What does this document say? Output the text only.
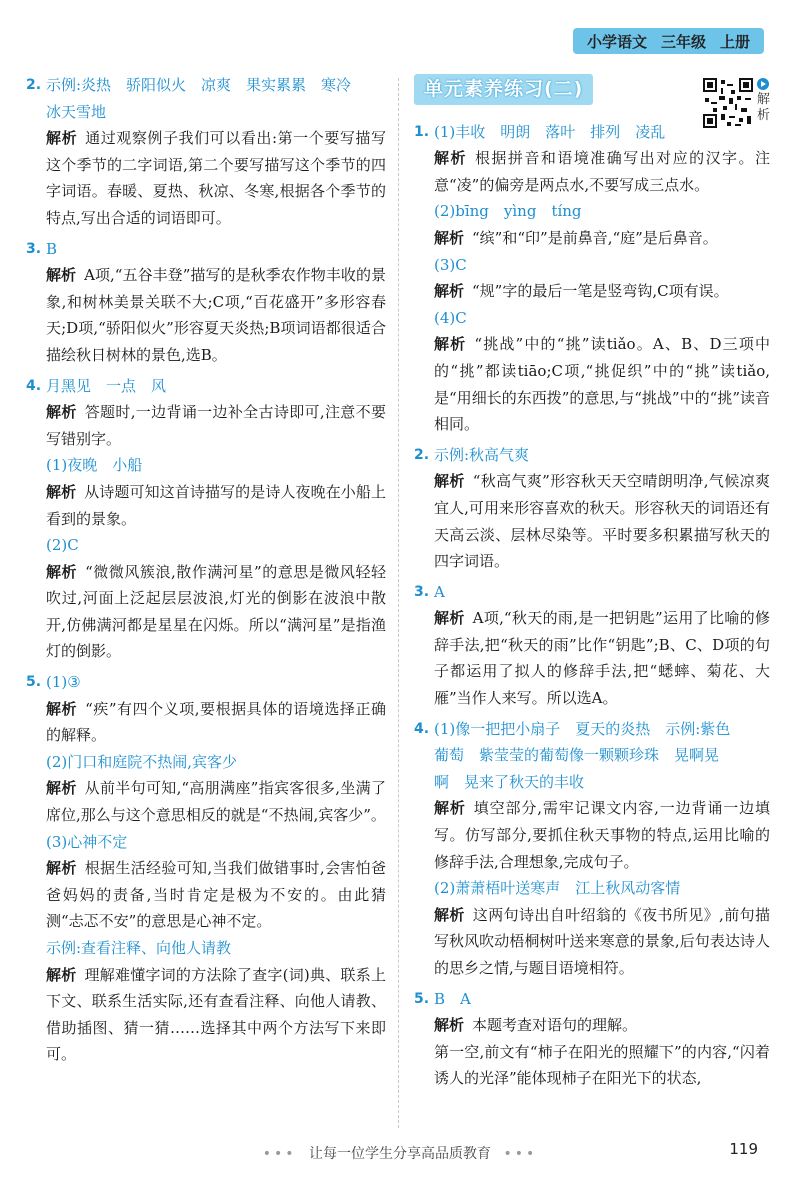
小学语文 三年级 上册
2. 示例:炎热　骄阳似火　凉爽　果实累累　寒冷
冰天雪地
解析 通过观察例子我们可以看出:第一个要写描写这个季节的二字词语,第二个要写描写这个季节的四字词语。春暖、夏热、秋凉、冬寒,根据各个季节的特点,写出合适的词语即可。
3. B
解析 A项,“五谷丰登”描写的是秋季农作物丰收的景象,和树林美景关联不大;C项,“百花盛开”多形容春天;D项,“骄阳似火”形容夏天炎热;B项词语都很适合描绘秋日树林的景色,选B。
4. 月黑见　一点　风
解析 答题时,一边背诵一边补全古诗即可,注意不要写错别字。
(1)夜晚　小船
解析 从诗题可知这首诗描写的是诗人夜晚在小船上看到的景象。
(2)C
解析 “微微风簇浪,散作满河星”的意思是微风轻轻吹过,河面上泛起层层波浪,灯光的倒影在波浪中散开,仿佛满河都是星星在闪烁。所以“满河星”是指渔灯的倒影。
5. (1)③
解析 “疾”有四个义项,要根据具体的语境选择正确的解释。
(2)门口和庭院不热闹,宾客少
解析 从前半句可知,“高朋满座”指宾客很多,坐满了席位,那么与这个意思相反的就是“不热闹,宾客少”。
(3)心神不定
解析 根据生活经验可知,当我们做错事时,会害怕爸爸妈妈的责备,当时肯定是极为不安的。由此猜测“忐忑不安”的意思是心神不定。
示例:查看注释、向他人请教
解析 理解难懂字词的方法除了查字(词)典、联系上下文、联系生活实际,还有查看注释、向他人请教、借助插图、猜一猜……选择其中两个方法写下来即可。
单元素养练习(二)
1. (1)丰收　明朗　落叶　排列　凌乱
解析 根据拼音和语境准确写出对应的汉字。注意“凌”的偏旁是两点水,不要写成三点水。
(2)bīng　yìng　tíng
解析 “缤”和“印”是前鼻音,“庭”是后鼻音。
(3)C
解析 “规”字的最后一笔是竖弯钩,C项有误。
(4)C
解析 “挑战”中的“挑”读tiǎo。A、B、D三项中的“挑”都读tiāo;C项,“挑促织”中的“挑”读tiǎo,是“用细长的东西拨”的意思,与“挑战”中的“挑”读音相同。
2. 示例:秋高气爽
解析 “秋高气爽”形容秋天天空晴朗明净,气候凉爽宜人,可用来形容喜欢的秋天。形容秋天的词语还有天高云淡、层林尽染等。平时要多积累描写秋天的四字词语。
3. A
解析 A项,“秋天的雨,是一把钥匙”运用了比喻的修辞手法,把“秋天的雨”比作“钥匙”;B、C、D项的句子都运用了拟人的修辞手法,把“蟋蟀、菊花、大雁”当作人来写。所以选A。
4. (1)像一把把小扇子　夏天的炎热　示例:紫色
葡萄　紫莹莹的葡萄像一颗颗珍珠　晃啊晃
啊　晃来了秋天的丰收
解析 填空部分,需牢记课文内容,一边背诵一边填写。仿写部分,要抓住秋天事物的特点,运用比喻的修辞手法,合理想象,完成句子。
(2)萧萧梧叶送寒声　江上秋风动客情
解析 这两句诗出自叶绍翁的《夜书所见》,前句描写秋风吹动梧桐树叶送来寒意的景象,后句表达诗人的思乡之情,与题目语境相符。
5. B　A
解析 本题考查对语句的理解。
第一空,前文有“柿子在阳光的照耀下”的内容,“闪着诱人的光泽”能体现柿子在阳光下的状态,
解
析
••• 让每一位学生分享高品质教育 •••	119
